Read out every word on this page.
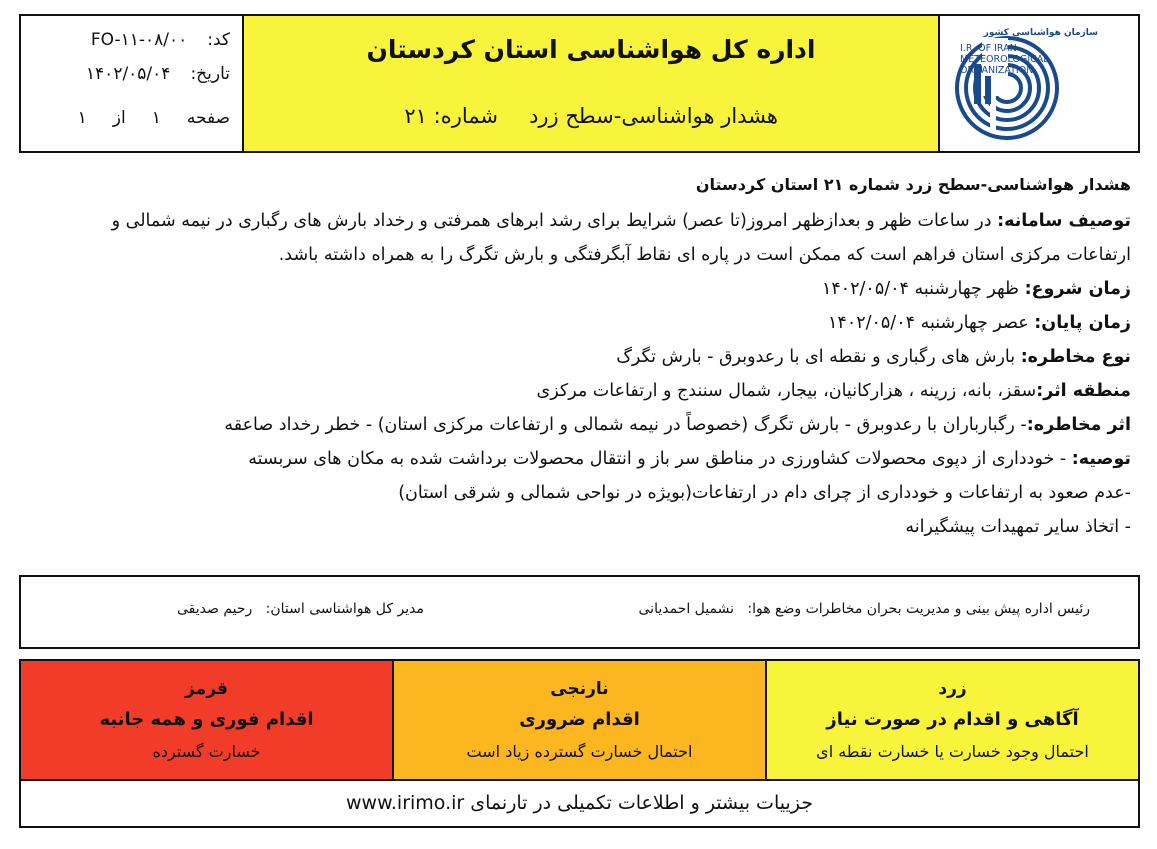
سازمان هواشناسی کشور
I.R. OF IRAN
METEOROLOGICAL
ORGANIZATION
اداره کل هواشناسی استان کردستان
هشدار هواشناسی-سطح زرد
شماره: ۲۱
کد:
FO-۱۱-۰۸/۰۰
تاریخ:
۱۴۰۲/۰۵/۰۴
صفحه
۱
از
۱
هشدار هواشناسی-سطح زرد شماره ۲۱ استان کردستان
توصیف سامانه: در ساعات ظهر و بعدازظهر امروز(تا عصر) شرایط برای رشد ابرهای همرفتی و رخداد بارش های رگباری در نیمه شمالی و
ارتفاعات مرکزی استان فراهم است که ممکن است در پاره ای نقاط آبگرفتگی و بارش تگرگ را به همراه داشته باشد.
زمان شروع: ظهر چهارشنبه ۱۴۰۲/۰۵/۰۴
زمان پایان: عصر چهارشنبه ۱۴۰۲/۰۵/۰۴
نوع مخاطره: بارش های رگباری و نقطه ای با رعدوبرق - بارش تگرگ
منطقه اثر:سقز، بانه، زرینه ، هزارکانیان، بیجار، شمال سنندج و ارتفاعات مرکزی
اثر مخاطره:- رگبارباران با رعدوبرق - بارش تگرگ (خصوصاً در نیمه شمالی و ارتفاعات مرکزی استان) - خطر رخداد صاعقه
توصیه: - خودداری از دپوی محصولات کشاورزی در مناطق سر باز و انتقال محصولات برداشت شده به مکان های سربسته
-عدم صعود به ارتفاعات و خودداری از چرای دام در ارتفاعات(بویژه در نواحی شمالی و شرقی استان)
- اتخاذ سایر تمهیدات پیشگیرانه
رئیس اداره پیش بینی و مدیریت بحران مخاطرات وضع هوا:   نشمیل احمدیانی
مدیر کل هواشناسی استان:   رحیم صدیقی
زرد
آگاهی و اقدام در صورت نیاز
احتمال وجود خسارت یا خسارت نقطه ای
نارنجی
اقدام ضروری
احتمال خسارت گسترده زیاد است
قرمز
اقدام فوری و همه جانبه
خسارت گسترده
جزییات بیشتر و اطلاعات تکمیلی در تارنمای www.irimo.ir
